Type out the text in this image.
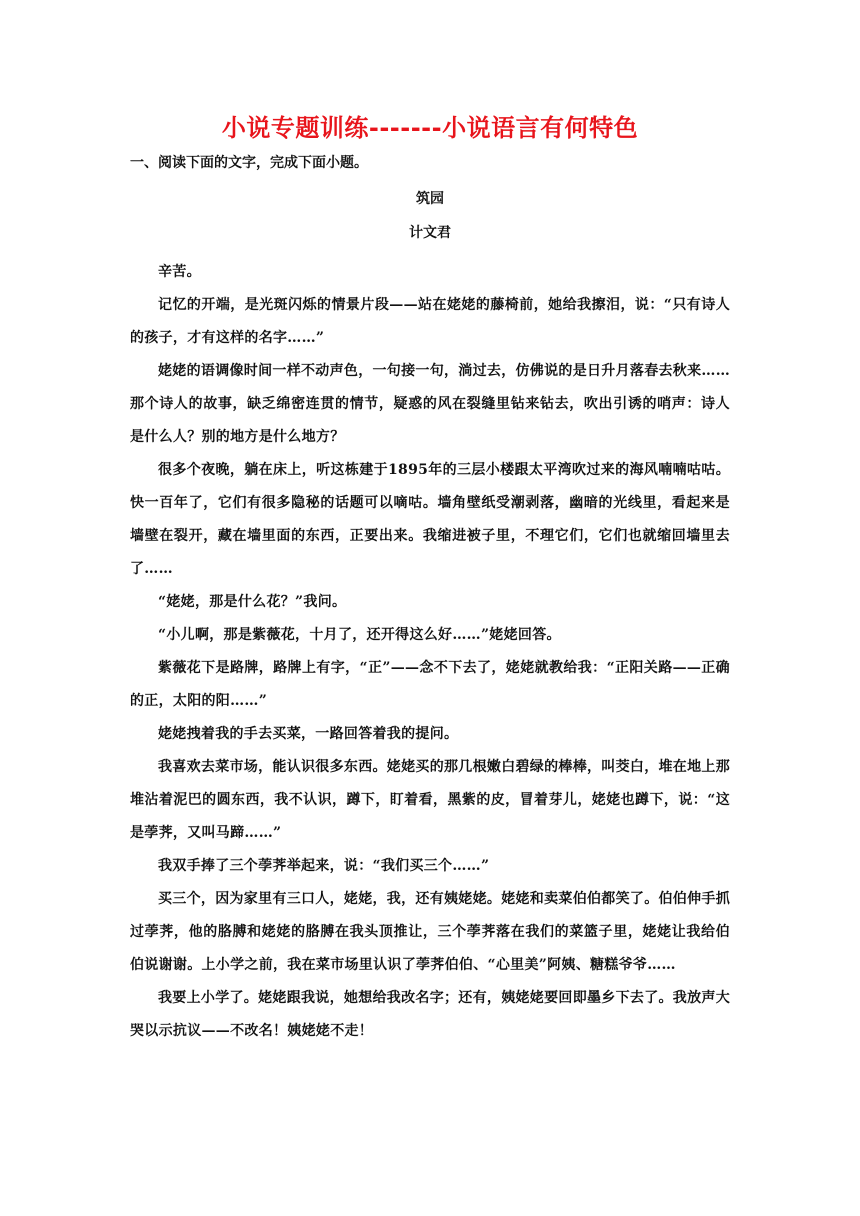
小说专题训练-------小说语言有何特色

一、阅读下面的文字，完成下面小题。

筑园

计文君

辛苦。

记忆的开端，是光斑闪烁的情景片段——站在姥姥的藤椅前，她给我擦泪，说：“只有诗人的孩子，才有这样的名字……”

姥姥的语调像时间一样不动声色，一句接一句，淌过去，仿佛说的是日升月落春去秋来……那个诗人的故事，缺乏绵密连贯的情节，疑惑的风在裂缝里钻来钻去，吹出引诱的哨声：诗人是什么人？别的地方是什么地方？

很多个夜晚，躺在床上，听这栋建于1895年的三层小楼跟太平湾吹过来的海风喃喃咕咕。快一百年了，它们有很多隐秘的话题可以嘀咕。墙角壁纸受潮剥落，幽暗的光线里，看起来是墙壁在裂开，藏在墙里面的东西，正要出来。我缩进被子里，不理它们，它们也就缩回墙里去了……

“姥姥，那是什么花？”我问。

“小儿啊，那是紫薇花，十月了，还开得这么好……”姥姥回答。

紫薇花下是路牌，路牌上有字，“正”——念不下去了，姥姥就教给我：“正阳关路——正确的正，太阳的阳……”

姥姥拽着我的手去买菜，一路回答着我的提问。

我喜欢去菜市场，能认识很多东西。姥姥买的那几根嫩白碧绿的棒棒，叫茭白，堆在地上那堆沾着泥巴的圆东西，我不认识，蹲下，盯着看，黑紫的皮，冒着芽儿，姥姥也蹲下，说：“这是荸荠，又叫马蹄……”

我双手捧了三个荸荠举起来，说：“我们买三个……”

买三个，因为家里有三口人，姥姥，我，还有姨姥姥。姥姥和卖菜伯伯都笑了。伯伯伸手抓过荸荠，他的胳膊和姥姥的胳膊在我头顶推让，三个荸荠落在我们的菜篮子里，姥姥让我给伯伯说谢谢。上小学之前，我在菜市场里认识了荸荠伯伯、“心里美”阿姨、糖糕爷爷……

我要上小学了。姥姥跟我说，她想给我改名字；还有，姨姥姥要回即墨乡下去了。我放声大哭以示抗议——不改名！姨姥姥不走！
